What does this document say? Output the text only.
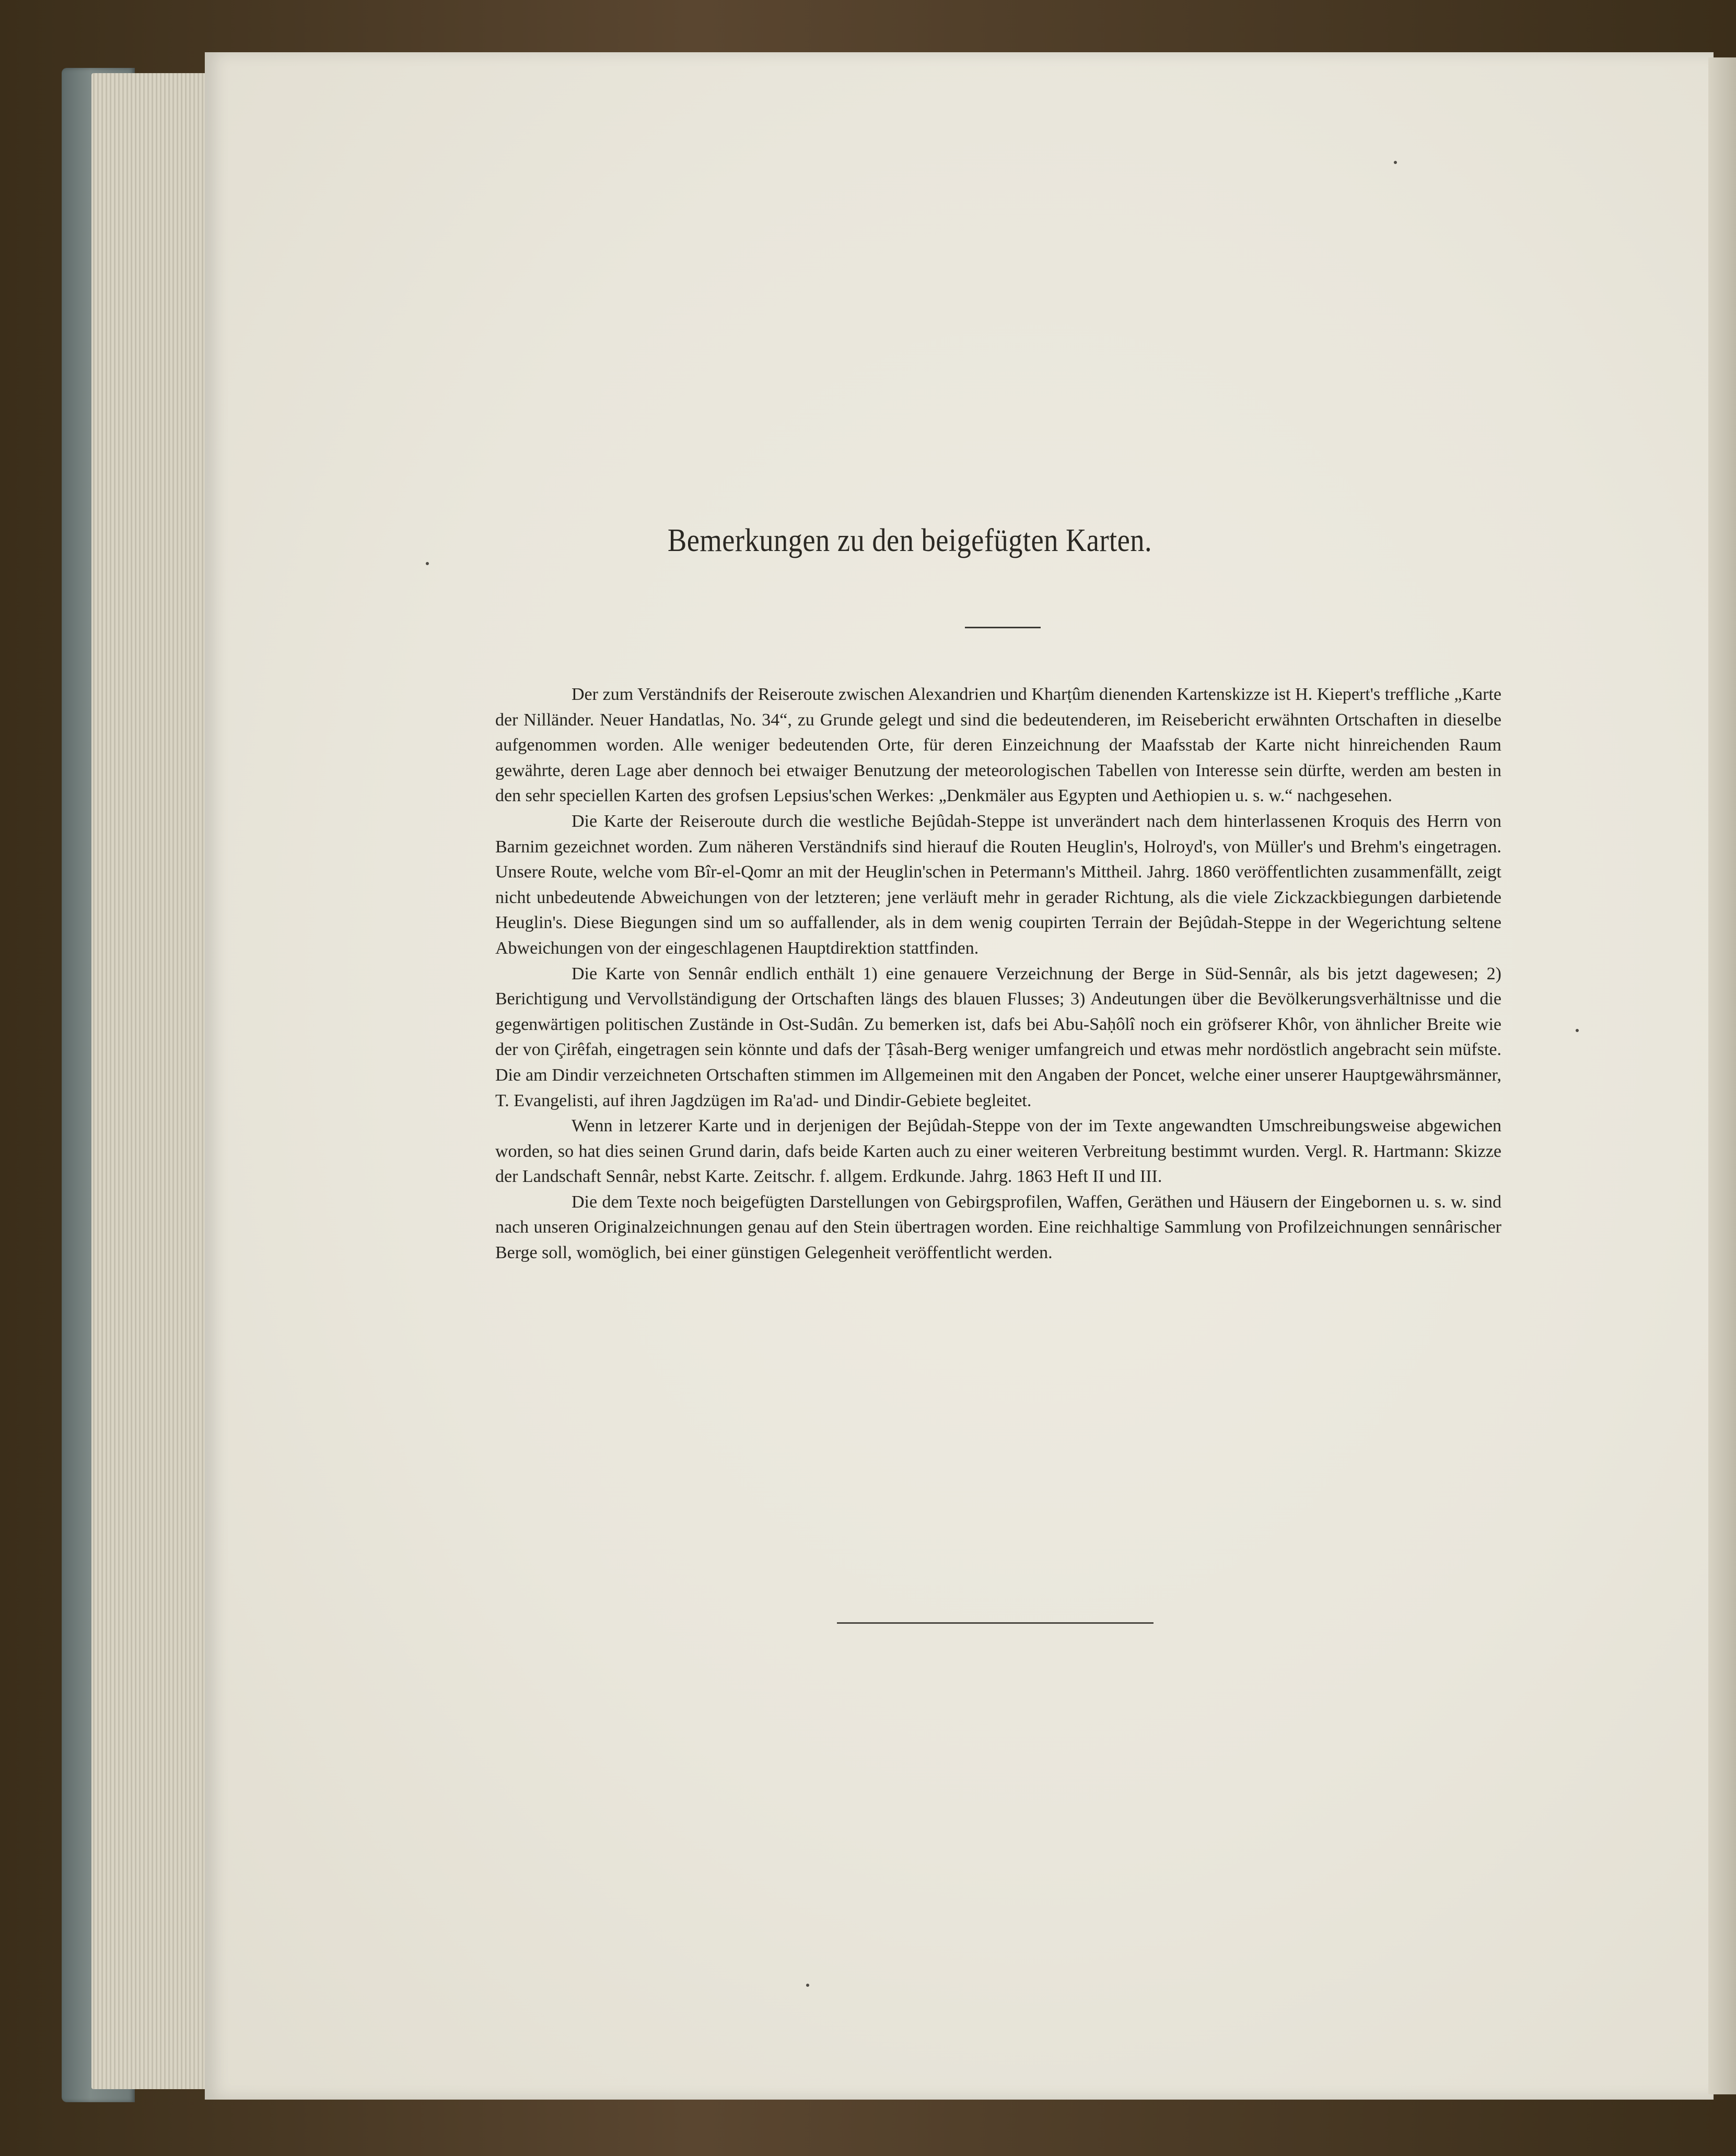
Bemerkungen zu den beigefügten Karten.

Der zum Verständnifs der Reiseroute zwischen Alexandrien und Kharṭûm dienenden Kartenskizze ist H. Kiepert's treffliche „Karte der Nilländer. Neuer Handatlas, No. 34“, zu Grunde gelegt und sind die bedeutenderen, im Reisebericht erwähnten Ortschaften in dieselbe aufgenommen worden. Alle weniger bedeutenden Orte, für deren Einzeichnung der Maafsstab der Karte nicht hinreichenden Raum gewährte, deren Lage aber dennoch bei etwaiger Benutzung der meteorologischen Tabellen von Interesse sein dürfte, werden am besten in den sehr speciellen Karten des grofsen Lepsius'schen Werkes: „Denkmäler aus Egypten und Aethiopien u. s. w.“ nachgesehen.

Die Karte der Reiseroute durch die westliche Bejûdah-Steppe ist unverändert nach dem hinterlassenen Kroquis des Herrn von Barnim gezeichnet worden. Zum näheren Verständnifs sind hierauf die Routen Heuglin's, Holroyd's, von Müller's und Brehm's eingetragen. Unsere Route, welche vom Bîr-el-Qomr an mit der Heuglin'schen in Petermann's Mittheil. Jahrg. 1860 veröffentlichten zusammenfällt, zeigt nicht unbedeutende Abweichungen von der letzteren; jene verläuft mehr in gerader Richtung, als die viele Zickzackbiegungen darbietende Heuglin's. Diese Biegungen sind um so auffallender, als in dem wenig coupirten Terrain der Bejûdah-Steppe in der Wegerichtung seltene Abweichungen von der eingeschlagenen Hauptdirektion stattfinden.

Die Karte von Sennâr endlich enthält 1) eine genauere Verzeichnung der Berge in Süd-Sennâr, als bis jetzt dagewesen; 2) Berichtigung und Vervollständigung der Ortschaften längs des blauen Flusses; 3) Andeutungen über die Bevölkerungsverhältnisse und die gegenwärtigen politischen Zustände in Ost-Sudân. Zu bemerken ist, dafs bei Abu-Saḥôlî noch ein gröfserer Khôr, von ähnlicher Breite wie der von Çirêfah, eingetragen sein könnte und dafs der Ṭâsah-Berg weniger umfangreich und etwas mehr nordöstlich angebracht sein müfste. Die am Dindir verzeichneten Ortschaften stimmen im Allgemeinen mit den Angaben der Poncet, welche einer unserer Hauptgewährsmänner, T. Evangelisti, auf ihren Jagdzügen im Ra'ad- und Dindir-Gebiete begleitet.

Wenn in letzerer Karte und in derjenigen der Bejûdah-Steppe von der im Texte angewandten Umschreibungsweise abgewichen worden, so hat dies seinen Grund darin, dafs beide Karten auch zu einer weiteren Verbreitung bestimmt wurden. Vergl. R. Hartmann: Skizze der Landschaft Sennâr, nebst Karte. Zeitschr. f. allgem. Erdkunde. Jahrg. 1863 Heft II und III.

Die dem Texte noch beigefügten Darstellungen von Gebirgsprofilen, Waffen, Geräthen und Häusern der Eingebornen u. s. w. sind nach unseren Originalzeichnungen genau auf den Stein übertragen worden. Eine reichhaltige Sammlung von Profilzeichnungen sennârischer Berge soll, womöglich, bei einer günstigen Gelegenheit veröffentlicht werden.
